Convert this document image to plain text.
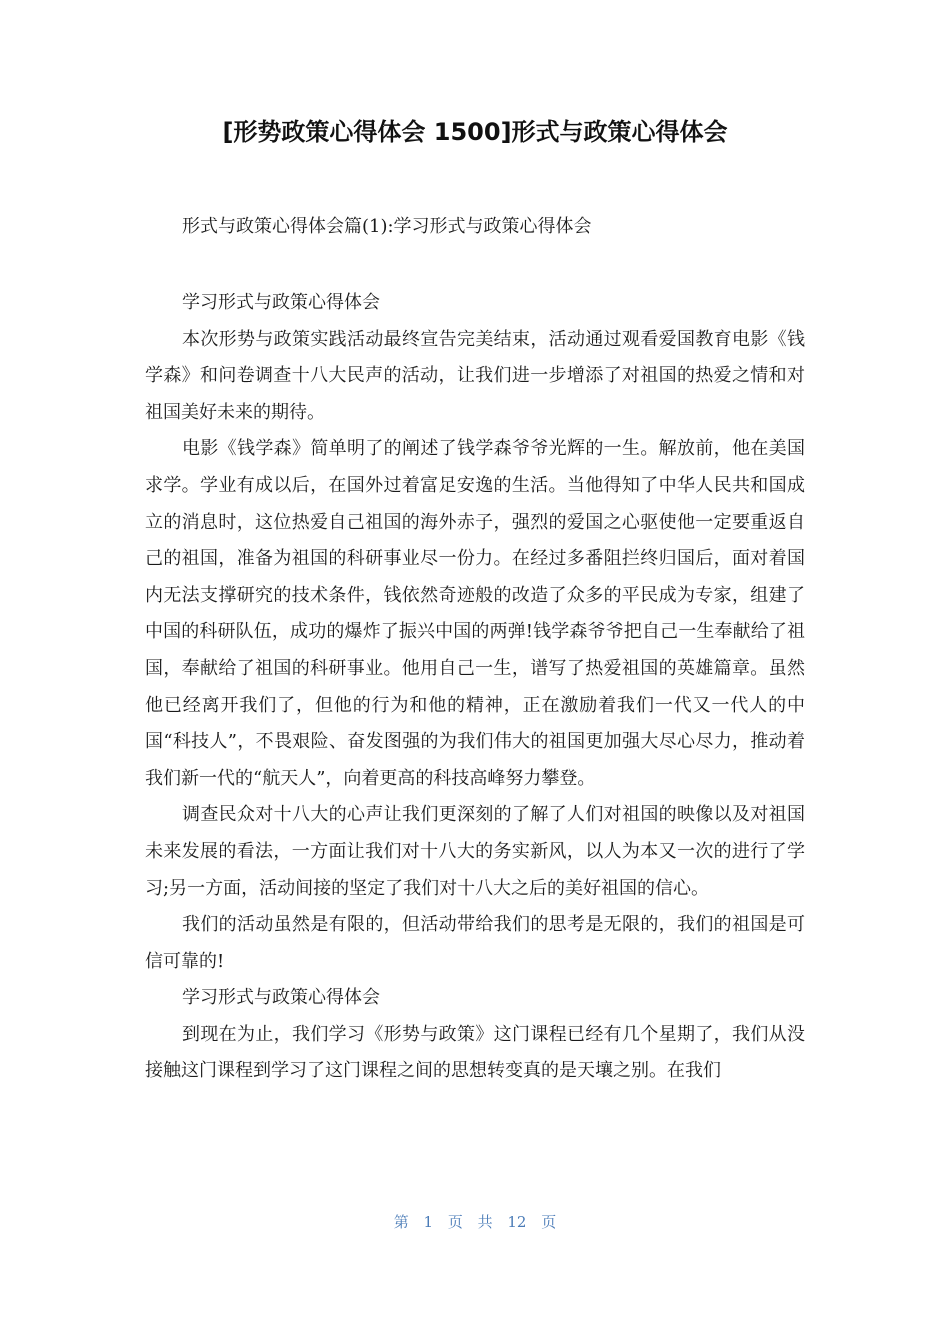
[形势政策心得体会 1500]形式与政策心得体会
形式与政策心得体会篇(1):学习形式与政策心得体会

学习形式与政策心得体会

本次形势与政策实践活动最终宣告完美结束，活动通过观看爱国教育电影《钱学森》和问卷调查十八大民声的活动，让我们进一步增添了对祖国的热爱之情和对祖国美好未来的期待。

电影《钱学森》简单明了的阐述了钱学森爷爷光辉的一生。解放前，他在美国求学。学业有成以后，在国外过着富足安逸的生活。当他得知了中华人民共和国成立的消息时，这位热爱自己祖国的海外赤子，强烈的爱国之心驱使他一定要重返自己的祖国，准备为祖国的科研事业尽一份力。在经过多番阻拦终归国后，面对着国内无法支撑研究的技术条件，钱依然奇迹般的改造了众多的平民成为专家，组建了中国的科研队伍，成功的爆炸了振兴中国的两弹!钱学森爷爷把自己一生奉献给了祖国，奉献给了祖国的科研事业。他用自己一生，谱写了热爱祖国的英雄篇章。虽然他已经离开我们了，但他的行为和他的精神，正在激励着我们一代又一代人的中国“科技人”，不畏艰险、奋发图强的为我们伟大的祖国更加强大尽心尽力，推动着我们新一代的“航天人”，向着更高的科技高峰努力攀登。

调查民众对十八大的心声让我们更深刻的了解了人们对祖国的映像以及对祖国未来发展的看法，一方面让我们对十八大的务实新风，以人为本又一次的进行了学习;另一方面，活动间接的坚定了我们对十八大之后的美好祖国的信心。

我们的活动虽然是有限的，但活动带给我们的思考是无限的，我们的祖国是可信可靠的!

学习形式与政策心得体会

到现在为止，我们学习《形势与政策》这门课程已经有几个星期了，我们从没接触这门课程到学习了这门课程之间的思想转变真的是天壤之别。在我们

第 1 页 共 12 页
